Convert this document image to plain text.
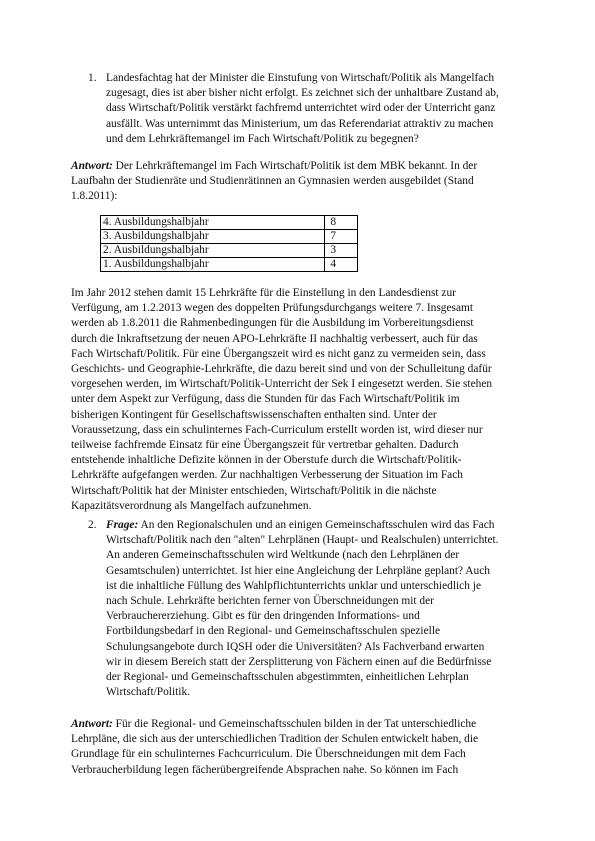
1. Landesfachtag hat der Minister die Einstufung von Wirtschaft/Politik als Mangelfach
zugesagt, dies ist aber bisher nicht erfolgt. Es zeichnet sich der unhaltbare Zustand ab,
dass Wirtschaft/Politik verstärkt fachfremd unterrichtet wird oder der Unterricht ganz
ausfällt. Was unternimmt das Ministerium, um das Referendariat attraktiv zu machen
und dem Lehrkräftemangel im Fach Wirtschaft/Politik zu begegnen?
Antwort: Der Lehrkräftemangel im Fach Wirtschaft/Politik ist dem MBK bekannt. In der
Laufbahn der Studienräte und Studienrätinnen an Gymnasien werden ausgebildet (Stand
1.8.2011):
4. Ausbildungshalbjahr	8
3. Ausbildungshalbjahr	7
2. Ausbildungshalbjahr	3
1. Ausbildungshalbjahr	4
Im Jahr 2012 stehen damit 15 Lehrkräfte für die Einstellung in den Landesdienst zur
Verfügung, am 1.2.2013 wegen des doppelten Prüfungsdurchgangs weitere 7. Insgesamt
werden ab 1.8.2011 die Rahmenbedingungen für die Ausbildung im Vorbereitungsdienst
durch die Inkraftsetzung der neuen APO-Lehrkräfte II nachhaltig verbessert, auch für das
Fach Wirtschaft/Politik. Für eine Übergangszeit wird es nicht ganz zu vermeiden sein, dass
Geschichts- und Geographie-Lehrkräfte, die dazu bereit sind und von der Schulleitung dafür
vorgesehen werden, im Wirtschaft/Politik-Unterricht der Sek I eingesetzt werden. Sie stehen
unter dem Aspekt zur Verfügung, dass die Stunden für das Fach Wirtschaft/Politik im
bisherigen Kontingent für Gesellschaftswissenschaften enthalten sind. Unter der
Voraussetzung, dass ein schulinternes Fach-Curriculum erstellt worden ist, wird dieser nur
teilweise fachfremde Einsatz für eine Übergangszeit für vertretbar gehalten. Dadurch
entstehende inhaltliche Defizite können in der Oberstufe durch die Wirtschaft/Politik-
Lehrkräfte aufgefangen werden. Zur nachhaltigen Verbesserung der Situation im Fach
Wirtschaft/Politik hat der Minister entschieden, Wirtschaft/Politik in die nächste
Kapazitätsverordnung als Mangelfach aufzunehmen.
2. Frage: An den Regionalschulen und an einigen Gemeinschaftsschulen wird das Fach
Wirtschaft/Politik nach den "alten" Lehrplänen (Haupt- und Realschulen) unterrichtet.
An anderen Gemeinschaftsschulen wird Weltkunde (nach den Lehrplänen der
Gesamtschulen) unterrichtet. Ist hier eine Angleichung der Lehrpläne geplant? Auch
ist die inhaltliche Füllung des Wahlpflichtunterrichts unklar und unterschiedlich je
nach Schule. Lehrkräfte berichten ferner von Überschneidungen mit der
Verbrauchererziehung. Gibt es für den dringenden Informations- und
Fortbildungsbedarf in den Regional- und Gemeinschaftsschulen spezielle
Schulungsangebote durch IQSH oder die Universitäten? Als Fachverband erwarten
wir in diesem Bereich statt der Zersplitterung von Fächern einen auf die Bedürfnisse
der Regional- und Gemeinschaftsschulen abgestimmten, einheitlichen Lehrplan
Wirtschaft/Politik.
Antwort: Für die Regional- und Gemeinschaftsschulen bilden in der Tat unterschiedliche
Lehrpläne, die sich aus der unterschiedlichen Tradition der Schulen entwickelt haben, die
Grundlage für ein schulinternes Fachcurriculum. Die Überschneidungen mit dem Fach
Verbraucherbildung legen fächerübergreifende Absprachen nahe. So können im Fach
